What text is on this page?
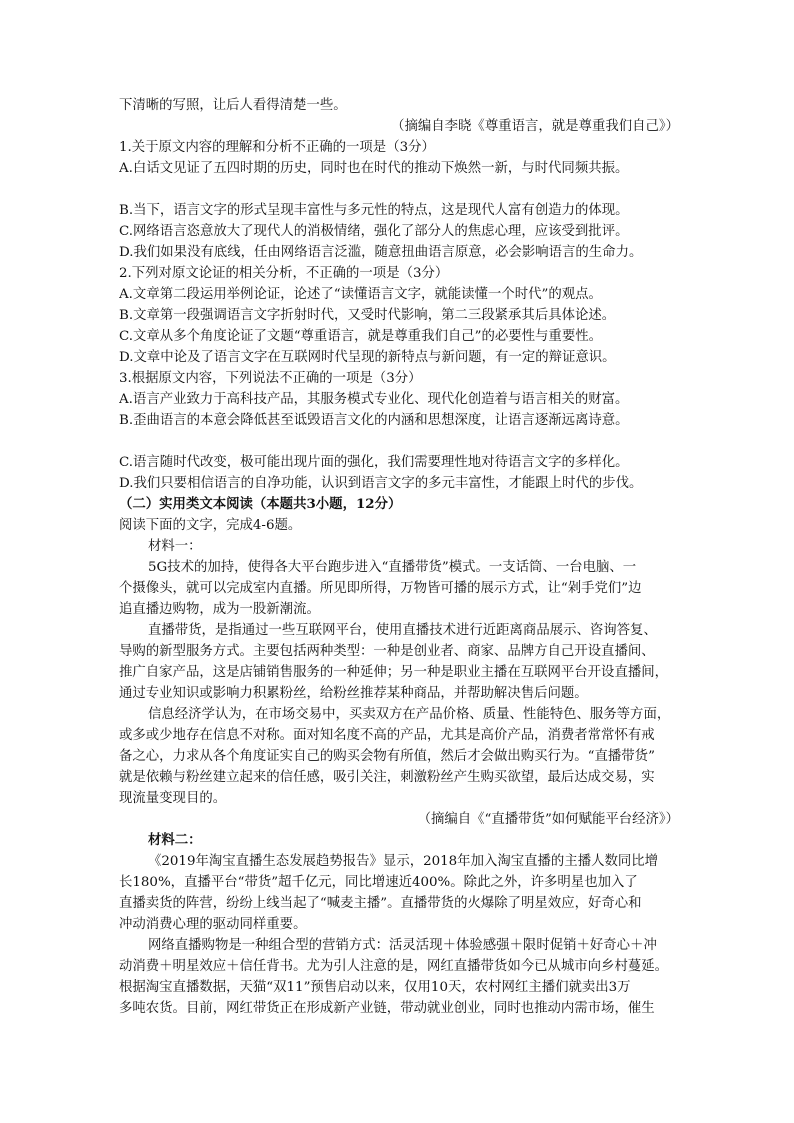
下清晰的写照，让后人看得清楚一些。
（摘编自李晓《尊重语言，就是尊重我们自己》）
1.关于原文内容的理解和分析不正确的一项是（3分）
A.白话文见证了五四时期的历史，同时也在时代的推动下焕然一新，与时代同频共振。
B.当下，语言文字的形式呈现丰富性与多元性的特点，这是现代人富有创造力的体现。
C.网络语言恣意放大了现代人的消极情绪，强化了部分人的焦虑心理，应该受到批评。
D.我们如果没有底线，任由网络语言泛滥，随意扭曲语言原意，必会影响语言的生命力。
2.下列对原文论证的相关分析，不正确的一项是（3分）
A.文章第二段运用举例论证，论述了“读懂语言文字，就能读懂一个时代”的观点。
B.文章第一段强调语言文字折射时代，又受时代影响，第二三段紧承其后具体论述。
C.文章从多个角度论证了文题“尊重语言，就是尊重我们自己”的必要性与重要性。
D.文章中论及了语言文字在互联网时代呈现的新特点与新问题，有一定的辩证意识。
3.根据原文内容，下列说法不正确的一项是（3分）
A.语言产业致力于高科技产品，其服务模式专业化、现代化创造着与语言相关的财富。
B.歪曲语言的本意会降低甚至诋毁语言文化的内涵和思想深度，让语言逐渐远离诗意。
C.语言随时代改变，极可能出现片面的强化，我们需要理性地对待语言文字的多样化。
D.我们只要相信语言的自净功能，认识到语言文字的多元丰富性，才能跟上时代的步伐。
（二）实用类文本阅读（本题共3小题，12分）
阅读下面的文字，完成4-6题。
材料一：
5G技术的加持，使得各大平台跑步进入“直播带货”模式。一支话筒、一台电脑、一
个摄像头，就可以完成室内直播。所见即所得，万物皆可播的展示方式，让“剁手党们”边
追直播边购物，成为一股新潮流。
直播带货，是指通过一些互联网平台，使用直播技术进行近距离商品展示、咨询答复、
导购的新型服务方式。主要包括两种类型：一种是创业者、商家、品牌方自己开设直播间、
推广自家产品，这是店铺销售服务的一种延伸；另一种是职业主播在互联网平台开设直播间，
通过专业知识或影响力积累粉丝，给粉丝推荐某种商品，并帮助解决售后问题。
信息经济学认为，在市场交易中，买卖双方在产品价格、质量、性能特色、服务等方面，
或多或少地存在信息不对称。面对知名度不高的产品，尤其是高价产品，消费者常常怀有戒
备之心，力求从各个角度证实自己的购买会物有所值，然后才会做出购买行为。“直播带货”
就是依赖与粉丝建立起来的信任感，吸引关注，刺激粉丝产生购买欲望，最后达成交易，实
现流量变现目的。
（摘编自《“直播带货”如何赋能平台经济》）
材料二：
《2019年淘宝直播生态发展趋势报告》显示，2018年加入淘宝直播的主播人数同比增
长180%，直播平台“带货”超千亿元，同比增速近400%。除此之外，许多明星也加入了
直播卖货的阵营，纷纷上线当起了“喊麦主播”。直播带货的火爆除了明星效应，好奇心和
冲动消费心理的驱动同样重要。
网络直播购物是一种组合型的营销方式：活灵活现＋体验感强＋限时促销＋好奇心＋冲
动消费＋明星效应＋信任背书。尤为引人注意的是，网红直播带货如今已从城市向乡村蔓延。
根据淘宝直播数据，天猫“双11”预售启动以来，仅用10天，农村网红主播们就卖出3万
多吨农货。目前，网红带货正在形成新产业链，带动就业创业，同时也推动内需市场，催生
